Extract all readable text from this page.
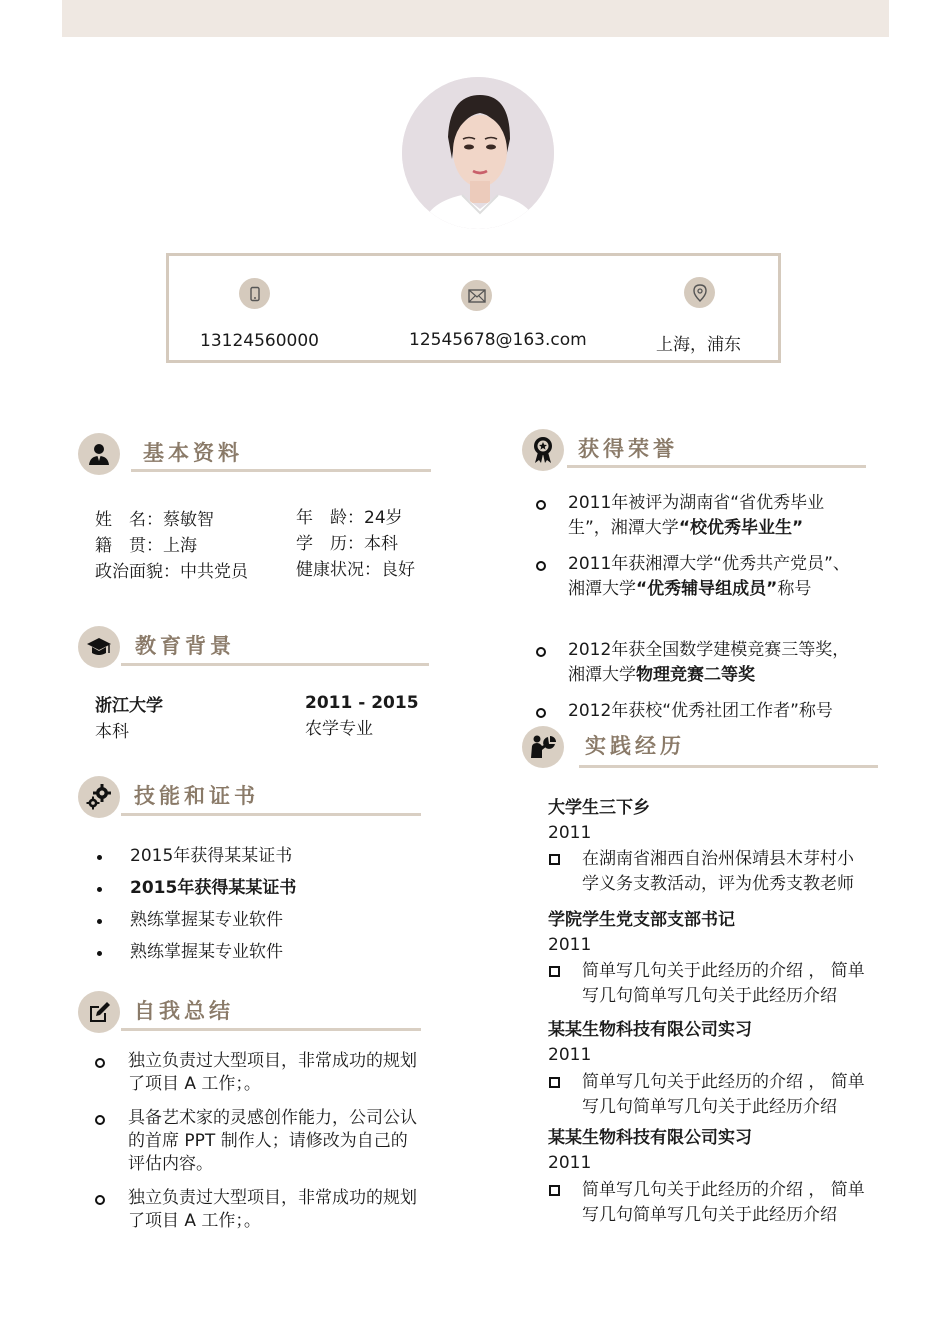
13124560000	12545678@163.com	上海，浦东
基本资料
姓　名：蔡敏智
籍　贯：上海
政治面貌：中共党员
年　龄：24岁
学　历：本科
健康状况：良好
教育背景
浙江大学
本科
2011 - 2015
农学专业
技能和证书
2015年获得某某证书
2015年获得某某证书
熟练掌握某专业软件
熟练掌握某专业软件
自我总结
独立负责过大型项目，非常成功的规划了项目 A 工作；。
具备艺术家的灵感创作能力，公司公认的首席 PPT 制作人；请修改为自己的评估内容。
独立负责过大型项目，非常成功的规划了项目 A 工作；。
获得荣誉
2011年被评为湖南省“省优秀毕业生”，湘潭大学“校优秀毕业生”
2011年获湘潭大学“优秀共产党员”、湘潭大学“优秀辅导组成员”称号
2012年获全国数学建模竞赛三等奖，湘潭大学物理竞赛二等奖
2012年获校“优秀社团工作者”称号
实践经历
大学生三下乡
2011
在湖南省湘西自治州保靖县木芽村小学义务支教活动，评为优秀支教老师
学院学生党支部支部书记
2011
简单写几句关于此经历的介绍 ， 简单写几句简单写几句关于此经历介绍
某某生物科技有限公司实习
2011
简单写几句关于此经历的介绍 ， 简单写几句简单写几句关于此经历介绍
某某生物科技有限公司实习
2011
简单写几句关于此经历的介绍 ， 简单写几句简单写几句关于此经历介绍
